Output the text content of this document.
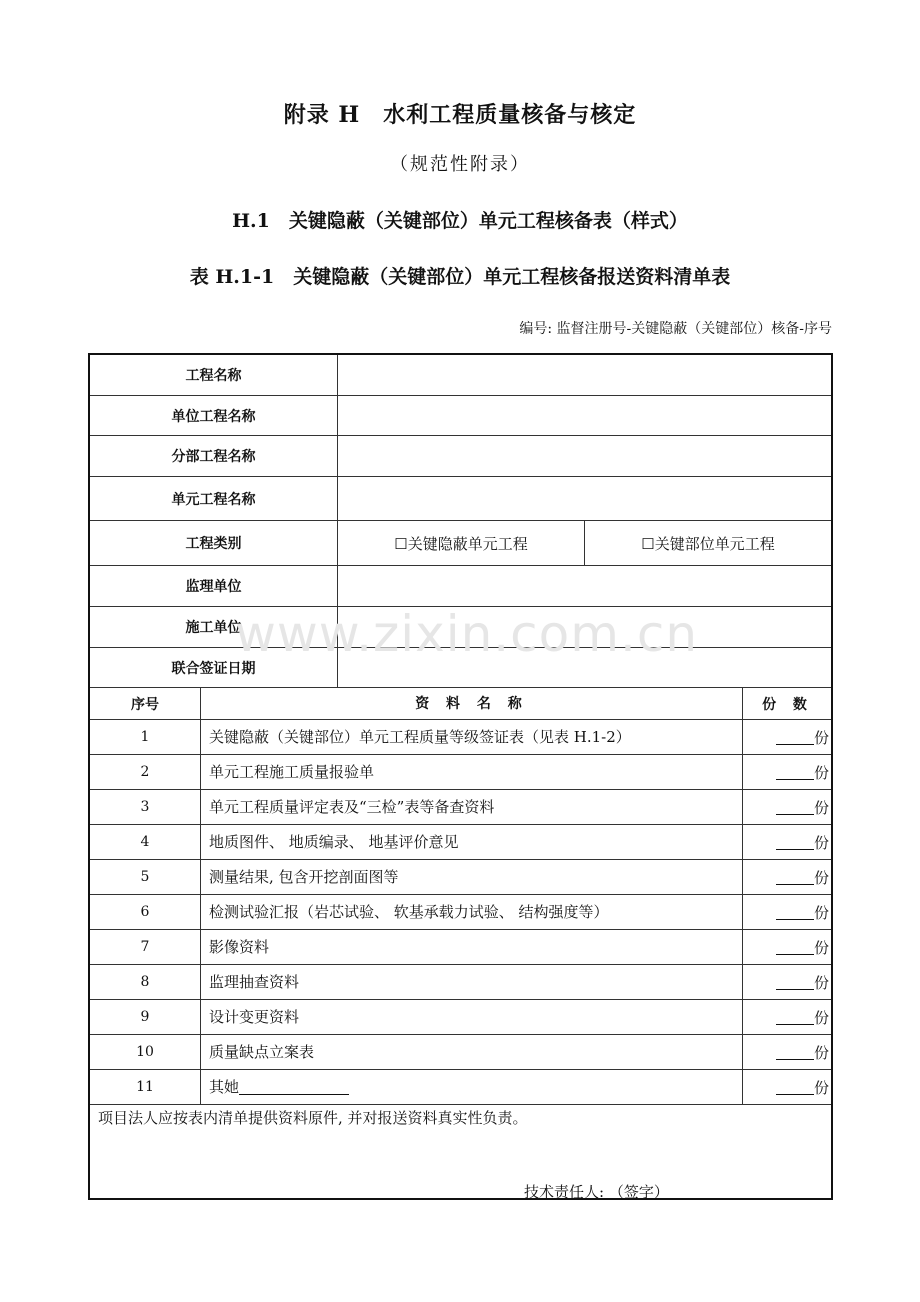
附录 H　水利工程质量核备与核定
（规范性附录）
H.1　关键隐蔽（关键部位）单元工程核备表（样式）
表 H.1-1　关键隐蔽（关键部位）单元工程核备报送资料清单表
编号: 监督注册号-关键隐蔽（关键部位）核备-序号
工程名称
单位工程名称
分部工程名称
单元工程名称
工程类别	☐关键隐蔽单元工程	☐关键部位单元工程
监理单位
施工单位
联合签证日期
序号	资 料 名 称	份 数
1	关键隐蔽（关键部位）单元工程质量等级签证表（见表 H.1-2）	份
2	单元工程施工质量报验单	份
3	单元工程质量评定表及“三检”表等备查资料	份
4	地质图件、 地质编录、 地基评价意见	份
5	测量结果, 包含开挖剖面图等	份
6	检测试验汇报（岩芯试验、 软基承载力试验、 结构强度等）	份
7	影像资料	份
8	监理抽查资料	份
9	设计变更资料	份
10	质量缺点立案表	份
11	其她	份
项目法人应按表内清单提供资料原件, 并对报送资料真实性负责。
技术责任人: （签字）
www.zixin.com.cn
